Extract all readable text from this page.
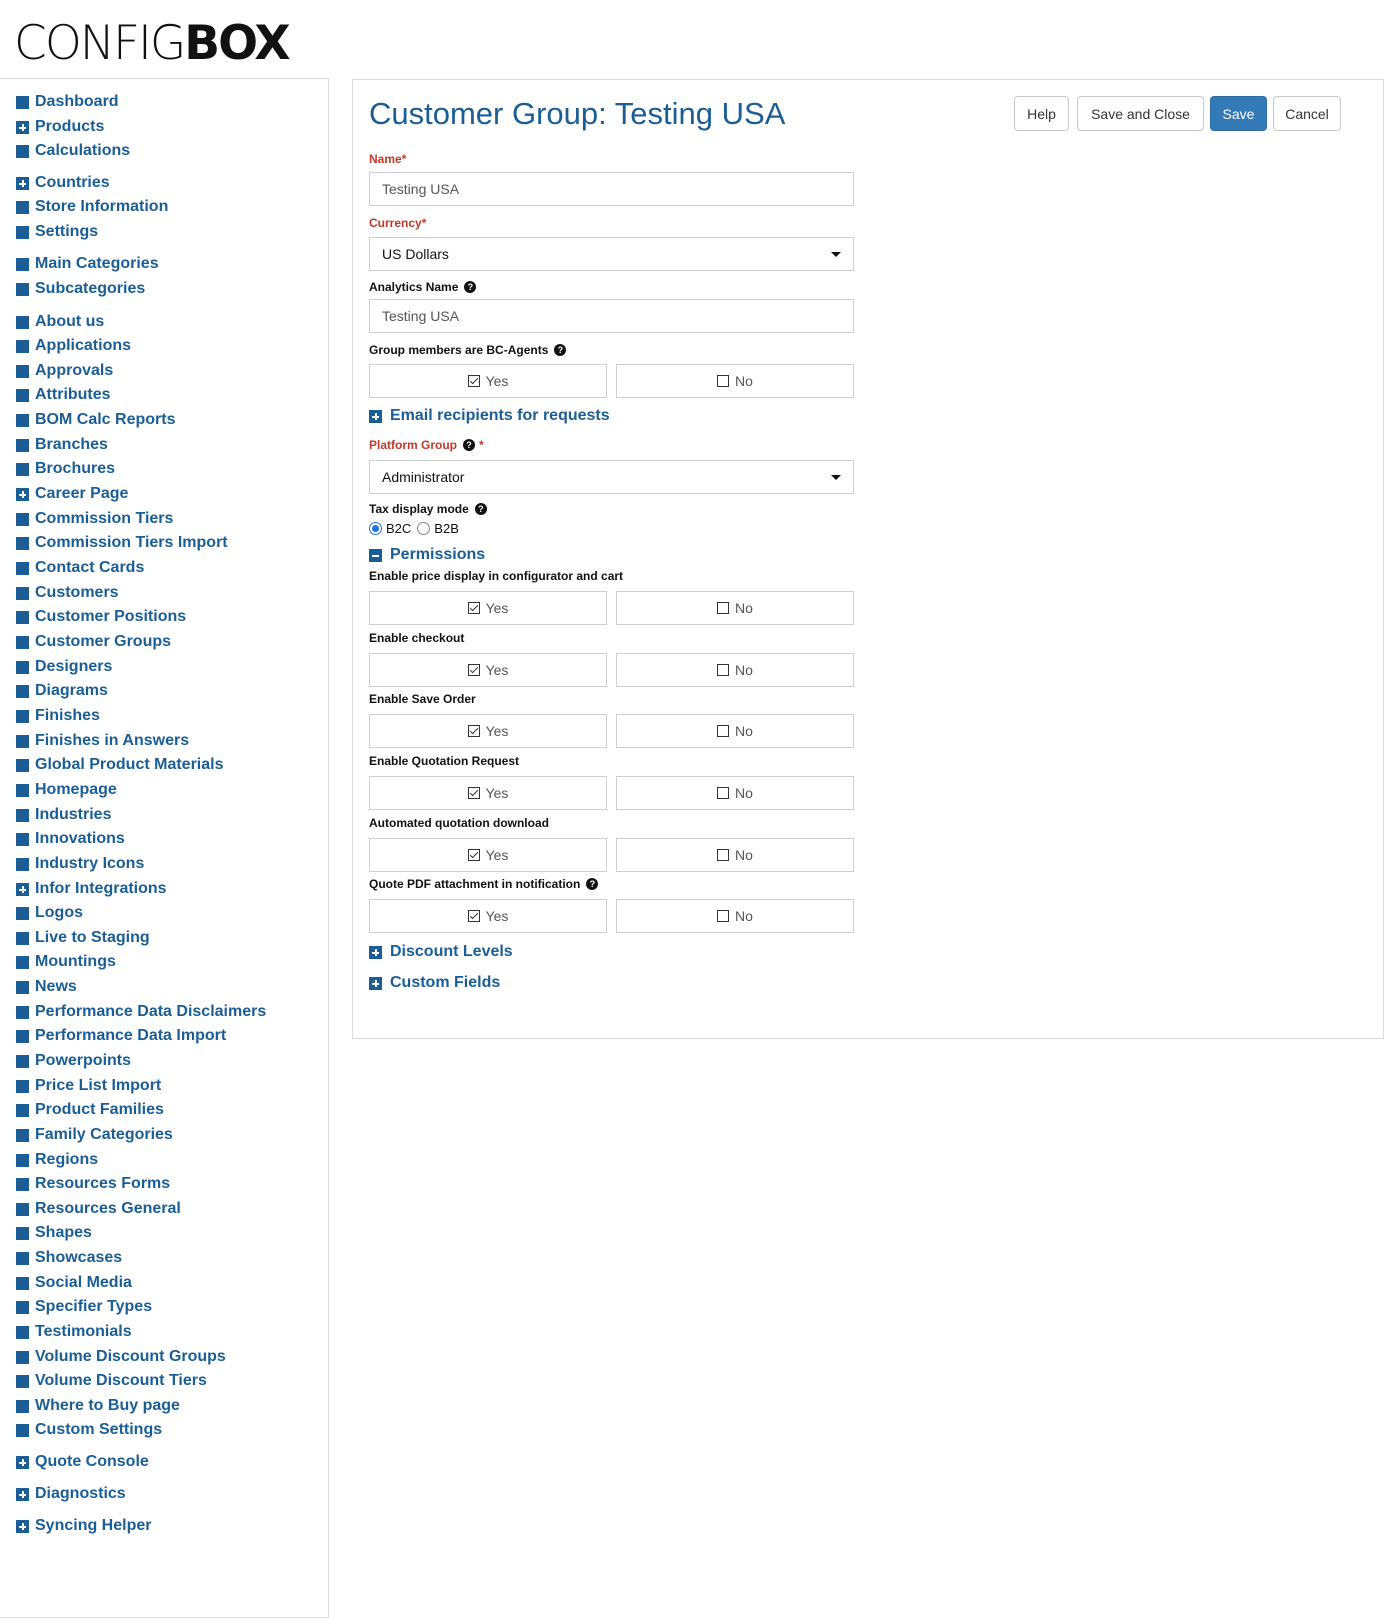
CONFIGBOX
Dashboard
Products
Calculations
Countries
Store Information
Settings
Main Categories
Subcategories
About us
Applications
Approvals
Attributes
BOM Calc Reports
Branches
Brochures
Career Page
Commission Tiers
Commission Tiers Import
Contact Cards
Customers
Customer Positions
Customer Groups
Designers
Diagrams
Finishes
Finishes in Answers
Global Product Materials
Homepage
Industries
Innovations
Industry Icons
Infor Integrations
Logos
Live to Staging
Mountings
News
Performance Data Disclaimers
Performance Data Import
Powerpoints
Price List Import
Product Families
Family Categories
Regions
Resources Forms
Resources General
Shapes
Showcases
Social Media
Specifier Types
Testimonials
Volume Discount Groups
Volume Discount Tiers
Where to Buy page
Custom Settings
Quote Console
Diagnostics
Syncing Helper
Customer Group: Testing USA	Help	Save and Close	Save	Cancel
Name*
Testing USA
Currency*
US Dollars
Analytics Name	?
Testing USA
Group members are BC-Agents	?
Yes	No
Email recipients for requests
Platform Group	? *
Administrator
Tax display mode	?
B2C B2B
Permissions
Enable price display in configurator and cart
Yes	No
Enable checkout
Yes	No
Enable Save Order
Yes	No
Enable Quotation Request
Yes	No
Automated quotation download
Yes	No
Quote PDF attachment in notification	?
Yes	No
Discount Levels
Custom Fields
